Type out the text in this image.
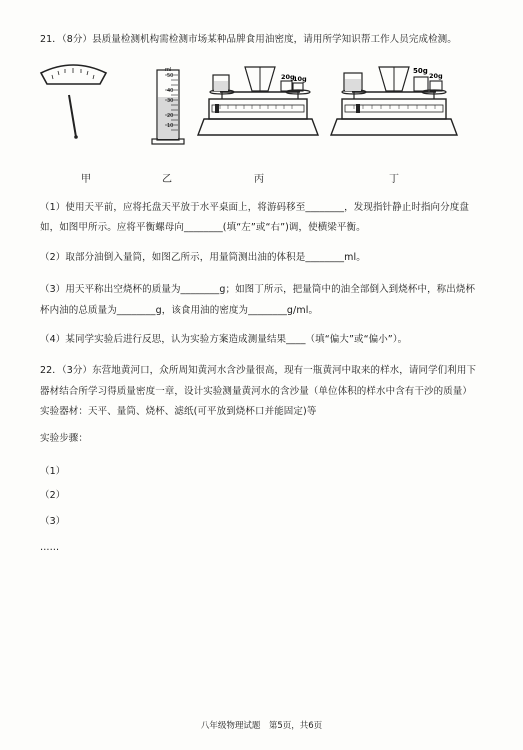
21．（8分）县质量检测机构需检测市场某种品牌食用油密度，请用所学知识帮工作人员完成检测。
ml
50
40
30
20
10
20g
10g
50g
20g
甲	乙	丙	丁
（1）使用天平前，应将托盘天平放于水平桌面上，将游码移至________，发现指针静止时指向分度盘
如，如图甲所示。应将平衡螺母向________(填“左”或“右”)调，使横梁平衡。
（2）取部分油倒入量筒，如图乙所示，用量筒测出油的体积是________ml。
（3）用天平称出空烧杯的质量为________g；如图丁所示，把量筒中的油全部倒入到烧杯中，称出烧杯
杯内油的总质量为________g，该食用油的密度为________g/ml。
（4）某同学实验后进行反思，认为实验方案造成测量结果____（填“偏大”或“偏小”）。
22．（3分）东营地黄河口，众所周知黄河水含沙量很高，现有一瓶黄河中取来的样水，请同学们利用下
器材结合所学习得质量密度一章，设计实验测量黄河水的含沙量（单位体积的样水中含有干沙的质量）
实验器材：天平、量筒、烧杯、滤纸(可平放到烧杯口并能固定)等
实验步骤：
（1）
（2）
（3）
……
八年级物理试题　第5页，共6页
